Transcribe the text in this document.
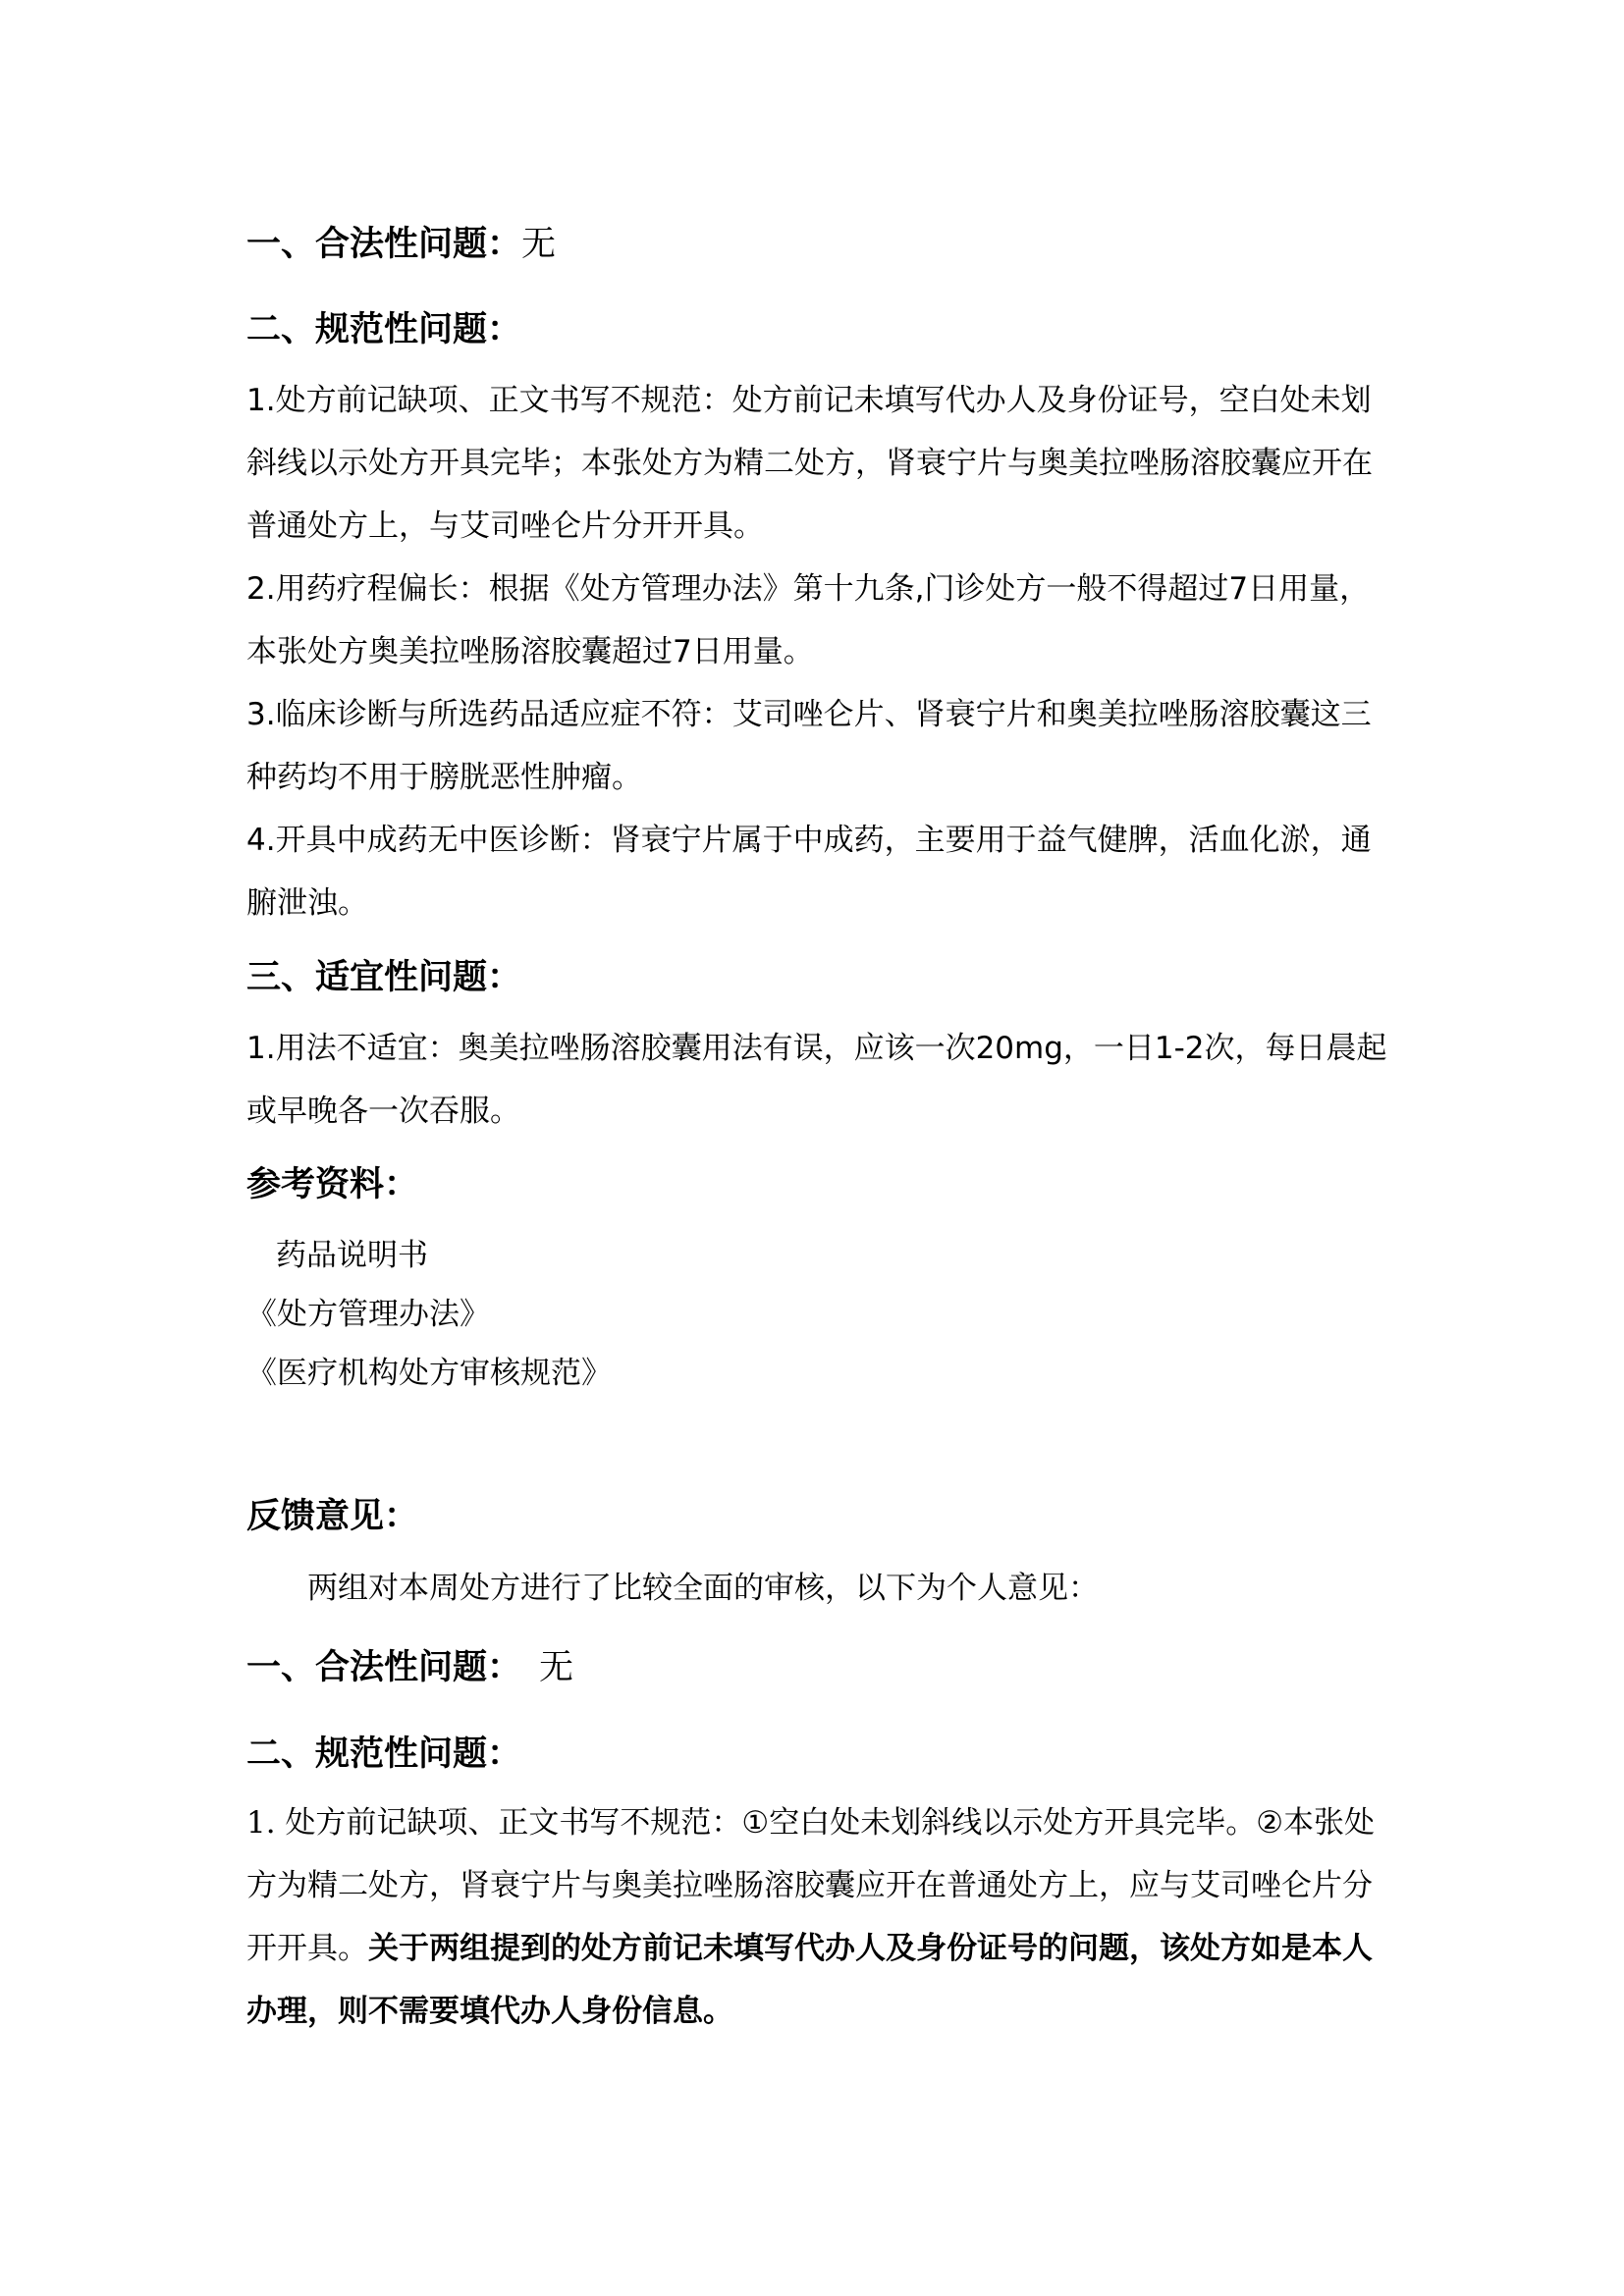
一、合法性问题：无
二、规范性问题：
1.处方前记缺项、正文书写不规范：处方前记未填写代办人及身份证号，空白处未划斜线以示处方开具完毕；本张处方为精二处方，肾衰宁片与奥美拉唑肠溶胶囊应开在普通处方上，与艾司唑仑片分开开具。
2.用药疗程偏长：根据《处方管理办法》第十九条,门诊处方一般不得超过7日用量，本张处方奥美拉唑肠溶胶囊超过7日用量。
3.临床诊断与所选药品适应症不符：艾司唑仑片、肾衰宁片和奥美拉唑肠溶胶囊这三种药均不用于膀胱恶性肿瘤。
4.开具中成药无中医诊断：肾衰宁片属于中成药，主要用于益气健脾，活血化淤，通腑泄浊。
三、适宜性问题：
1.用法不适宜：奥美拉唑肠溶胶囊用法有误，应该一次20mg，一日1-2次，每日晨起或早晚各一次吞服。
参考资料：
药品说明书
《处方管理办法》
《医疗机构处方审核规范》
反馈意见：
两组对本周处方进行了比较全面的审核，以下为个人意见：
一、合法性问题： 无
二、规范性问题：
1. 处方前记缺项、正文书写不规范：①空白处未划斜线以示处方开具完毕。②本张处方为精二处方，肾衰宁片与奥美拉唑肠溶胶囊应开在普通处方上，应与艾司唑仑片分开开具。关于两组提到的处方前记未填写代办人及身份证号的问题，该处方如是本人办理，则不需要填代办人身份信息。
